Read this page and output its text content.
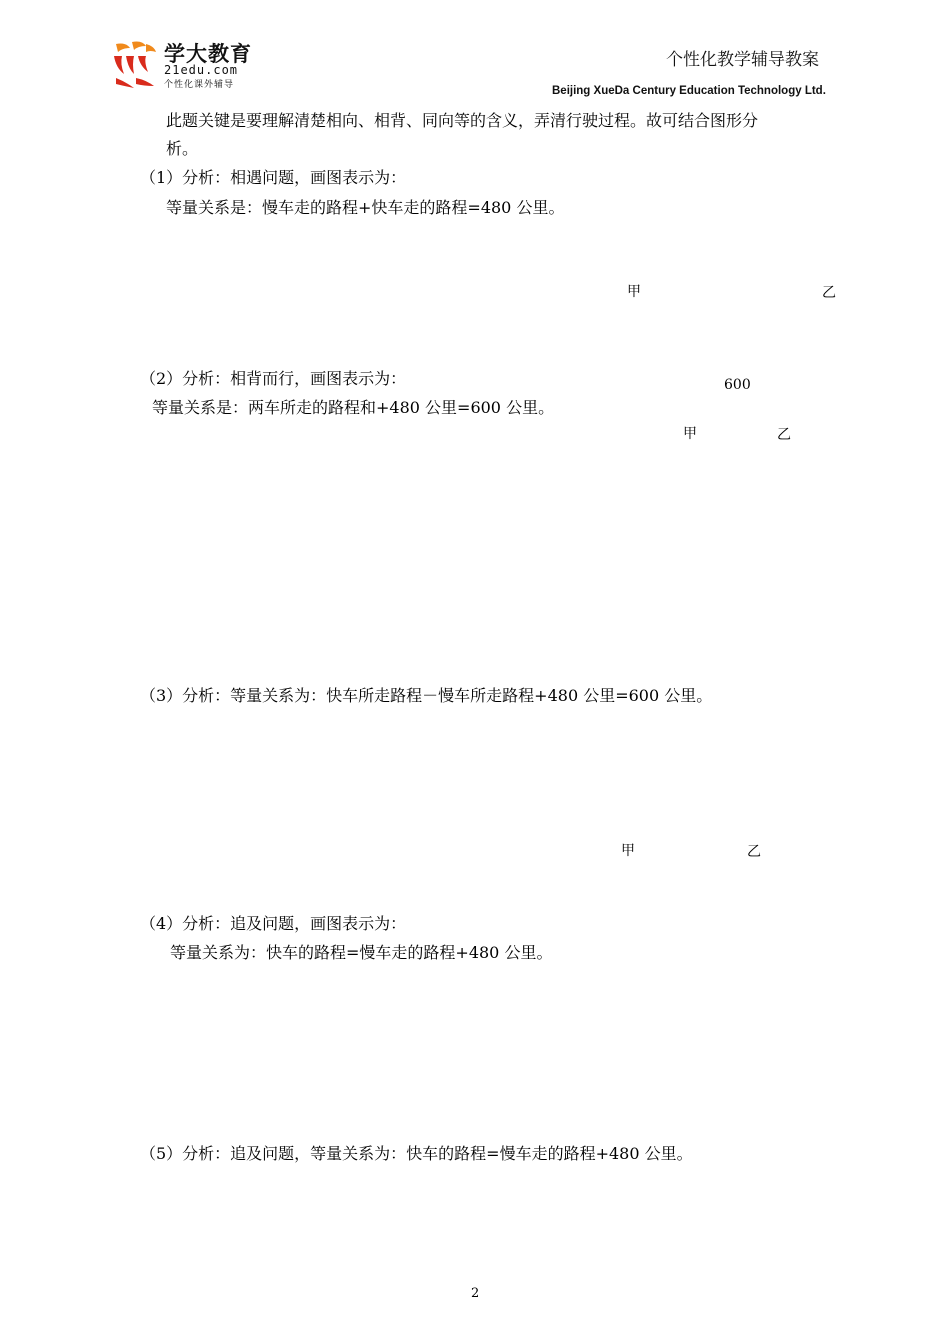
学大教育
21edu.com
个性化课外辅导
个性化教学辅导教案
Beijing XueDa Century Education Technology Ltd.
此题关键是要理解清楚相向、相背、同向等的含义，弄清行驶过程。故可结合图形分
析。
（1）分析：相遇问题，画图表示为：
等量关系是：慢车走的路程+快车走的路程=480 公里。
甲	乙
（2）分析：相背而行，画图表示为：	600
等量关系是：两车所走的路程和+480 公里=600 公里。
甲	乙
（3）分析：等量关系为：快车所走路程－慢车所走路程+480 公里=600 公里。
甲	乙
（4）分析：追及问题，画图表示为：
等量关系为：快车的路程=慢车走的路程+480 公里。
（5）分析：追及问题，等量关系为：快车的路程=慢车走的路程+480 公里。
2
